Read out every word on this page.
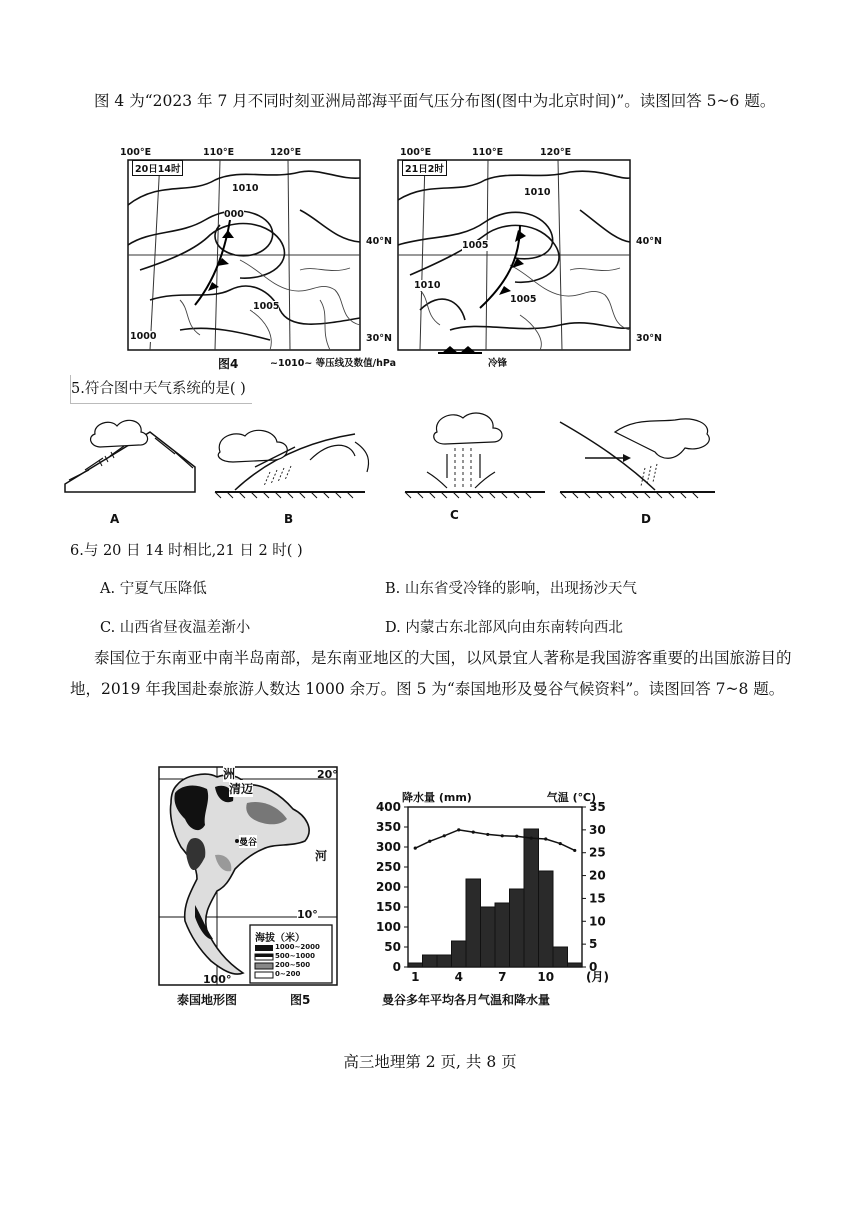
图 4 为“2023 年 7 月不同时刻亚洲局部海平面气压分布图(图中为北京时间)”。读图回答 5~6 题。
20日14时
100°E	110°E	120°E
40°N
30°N
1010
000
1005
1000
21日2时
100°E	110°E	120°E
40°N
30°N
1010
1005
1010
1005
图4	~1010~ 等压线及数值/hPa	冷锋
5.符合图中天气系统的是( )
A	B	C	D
6.与 20 日 14 时相比,21 日 2 时( )
A. 宁夏气压降低	B. 山东省受冷锋的影响，出现扬沙天气
C. 山西省昼夜温差渐小	D. 内蒙古东北部风向由东南转向西北
泰国位于东南亚中南半岛南部，是东南亚地区的大国，以风景宜人著称是我国游客重要的出国旅游目的地，2019 年我国赴泰旅游人数达 1000 余万。图 5 为“泰国地形及曼谷气候资料”。读图回答 7~8 题。
20°
10°
100°
清迈
洲
河
曼谷
海拔（米）
1000~2000
500~1000
200~500
0~200
泰国地形图
0
50
100
150
200
250
300
350
400
0
5
10
15
20
25
30
35
降水量 (mm)	气温 (℃)
1	4	7	10	(月)
图5	曼谷多年平均各月气温和降水量
高三地理第 2 页, 共 8 页
